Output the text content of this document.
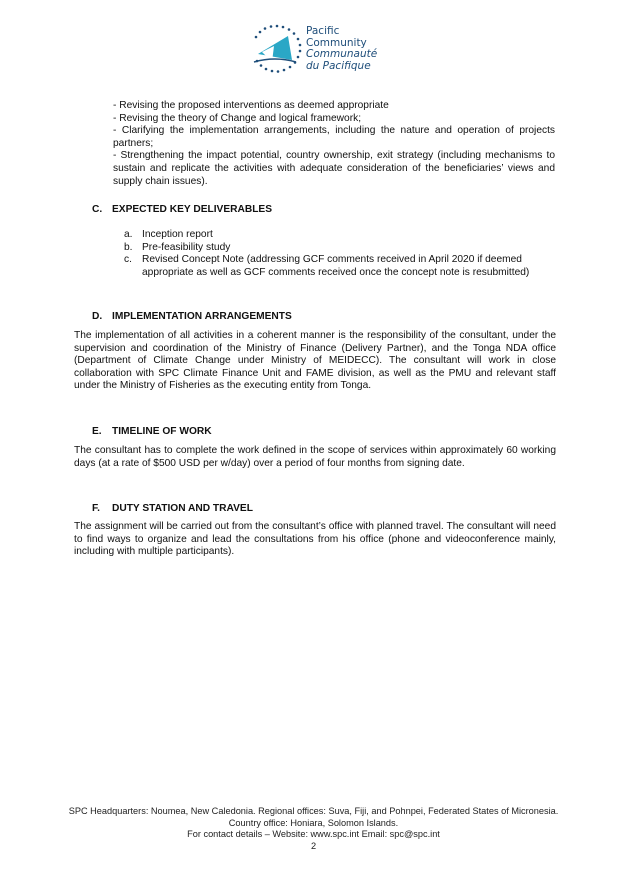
Pacific
Community
Communauté
du Pacifique

- Revising the proposed interventions as deemed appropriate

- Revising the theory of Change and logical framework;

- Clarifying the implementation arrangements, including the nature and operation of projects partners;

- Strengthening the impact potential, country ownership, exit strategy (including mechanisms to sustain and replicate the activities with adequate consideration of the beneficiaries’ views and supply chain issues).

C. EXPECTED KEY DELIVERABLES
a. Inception report
b. Pre-feasibility study
c. Revised Concept Note (addressing GCF comments received in April 2020 if deemed appropriate as well as GCF comments received once the concept note is resubmitted)
D. IMPLEMENTATION ARRANGEMENTS

The implementation of all activities in a coherent manner is the responsibility of the consultant, under the supervision and coordination of the Ministry of Finance (Delivery Partner), and the Tonga NDA office (Department of Climate Change under Ministry of MEIDECC). The consultant will work in close collaboration with SPC Climate Finance Unit and FAME division, as well as the PMU and relevant staff under the Ministry of Fisheries as the executing entity from Tonga.

E. TIMELINE OF WORK

The consultant has to complete the work defined in the scope of services within approximately 60 working days (at a rate of $500 USD per w/day) over a period of four months from signing date.

F. DUTY STATION AND TRAVEL

The assignment will be carried out from the consultant’s office with planned travel. The consultant will need to find ways to organize and lead the consultations from his office (phone and videoconference mainly, including with multiple participants).

SPC Headquarters: Noumea, New Caledonia. Regional offices: Suva, Fiji, and Pohnpei, Federated States of Micronesia.
Country office: Honiara, Solomon Islands.
For contact details – Website: www.spc.int Email: spc@spc.int
2
